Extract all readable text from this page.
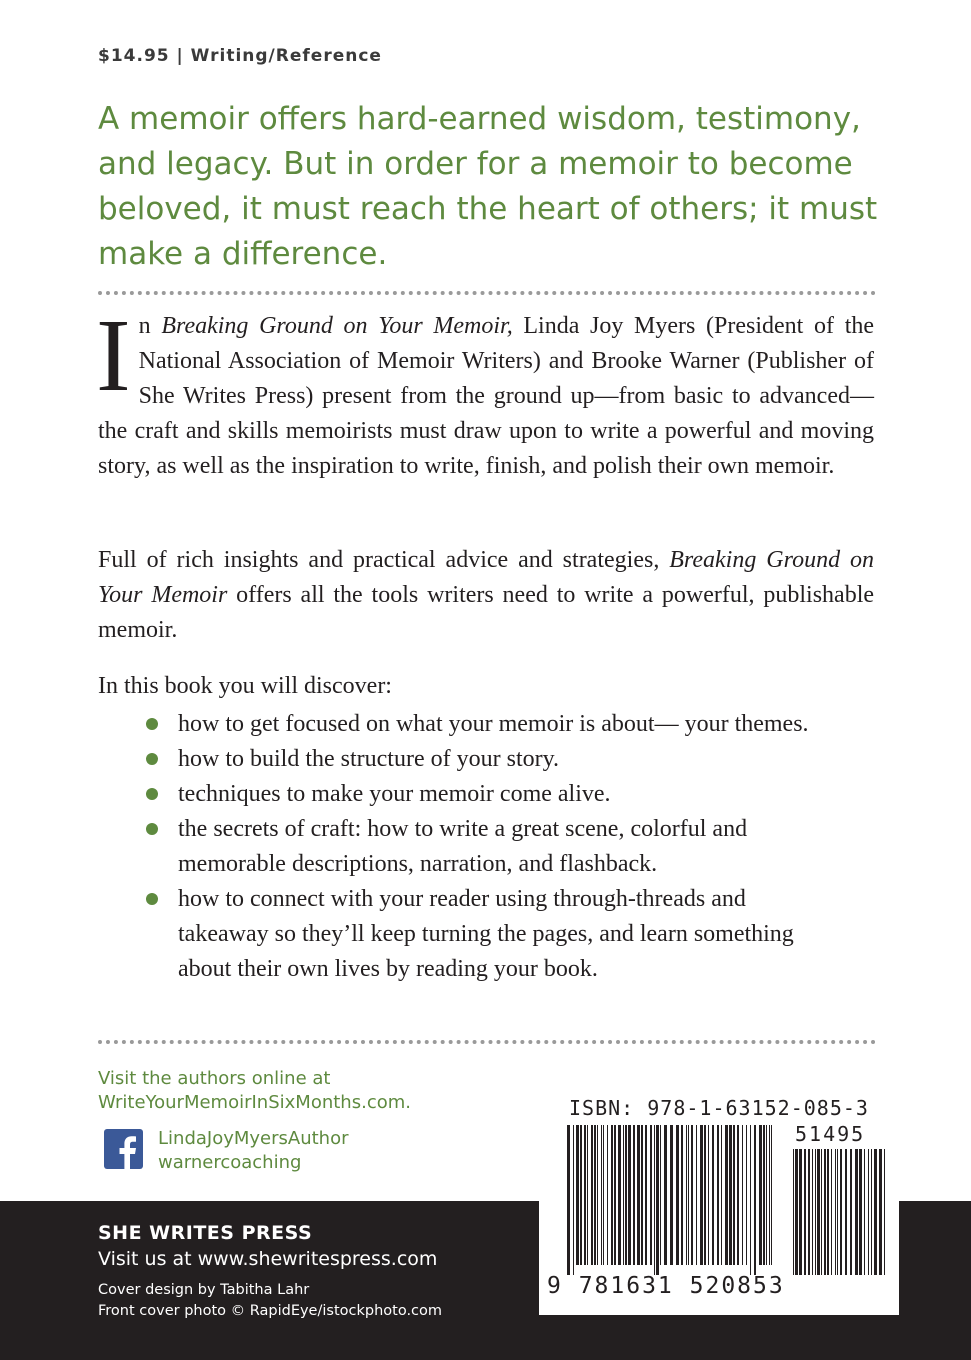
$14.95 | Writing/Reference
A memoir offers hard-earned wisdom, testimony, and legacy. But in order for a memoir to become beloved, it must reach the heart of others; it must make a difference.

In Breaking Ground on Your Memoir, Linda Joy Myers (President of the National Association of Memoir Writers) and Brooke Warner (Publisher of She Writes Press) present from the ground up—from basic to advanced—the craft and skills memoirists must draw upon to write a powerful and moving story, as well as the inspiration to write, finish, and polish their own memoir.

Full of rich insights and practical advice and strategies, Breaking Ground on Your Memoir offers all the tools writers need to write a powerful, publishable memoir.

In this book you will discover:

how to get focused on what your memoir is about— your themes.
how to build the structure of your story.
techniques to make your memoir come alive.
the secrets of craft: how to write a great scene, colorful and memorable descriptions, narration, and flashback.
how to connect with your reader using through-threads and takeaway so they’ll keep turning the pages, and learn something about their own lives by reading your book.
Visit the authors online at
WriteYourMemoirInSixMonths.com.
LindaJoyMyersAuthor
warnercoaching
SHE WRITES PRESS
Visit us at www.shewritespress.com
Cover design by Tabitha Lahr
Front cover photo © RapidEye/istockphoto.com
ISBN: 978-1-63152-085-3
51495
9 781631 520853
